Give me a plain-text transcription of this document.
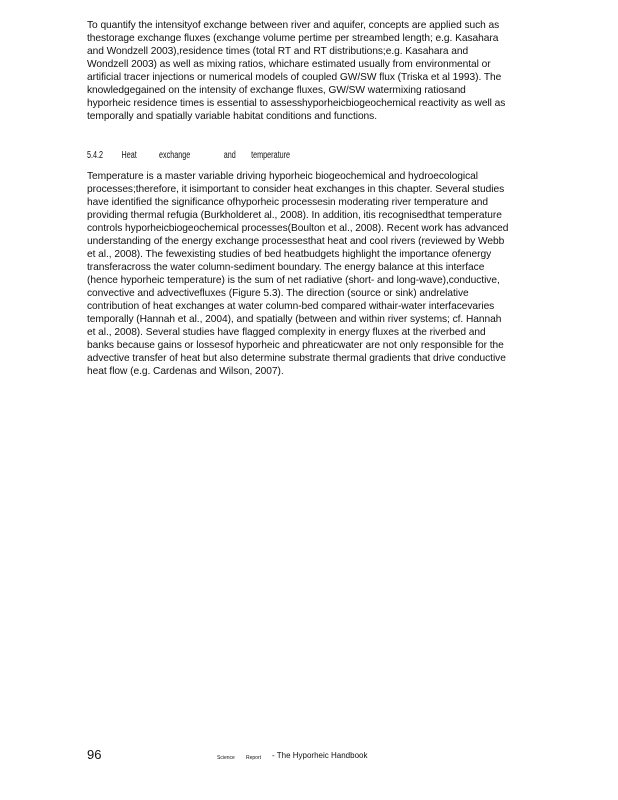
To quantify the intensityof exchange between river and aquifer, concepts are applied such as thestorage exchange fluxes (exchange volume pertime per streambed length; e.g. Kasahara and Wondzell 2003),residence times (total RT and RT distributions;e.g. Kasahara and Wondzell 2003) as well as mixing ratios, whichare estimated usually from environmental or artificial tracer injections or numerical models of coupled GW/SW flux (Triska et al 1993). The knowledgegained on the intensity of exchange fluxes, GW/SW watermixing ratiosand hyporheic residence times is essential to assesshyporheicbiogeochemical reactivity as well as temporally and spatially variable habitat conditions and functions.

5.4.2 Heat exchange	and temperature

Temperature is a master variable driving hyporheic biogeochemical and hydroecological processes;therefore, it isimportant to consider heat exchanges in this chapter. Several studies have identified the significance ofhyporheic processesin moderating river temperature and providing thermal refugia (Burkholderet al., 2008). In addition, itis recognisedthat temperature controls hyporheicbiogeochemical processes(Boulton et al., 2008). Recent work has advanced understanding of the energy exchange processesthat heat and cool rivers (reviewed by Webb et al., 2008). The fewexisting studies of bed heatbudgets highlight the importance ofenergy transferacross the water column-sediment boundary. The energy balance at this interface (hence hyporheic temperature) is the sum of net radiative (short- and long-wave),conductive, convective and advectivefluxes (Figure 5.3). The direction (source or sink) andrelative contribution of heat exchanges at water column-bed compared withair-water interfacevaries temporally (Hannah et al., 2004), and spatially (between and within river systems; cf. Hannah et al., 2008). Several studies have flagged complexity in energy fluxes at the riverbed and banks because gains or lossesof hyporheic and phreaticwater are not only responsible for the advective transfer of heat but also determine substrate thermal gradients that drive conductive heat flow (e.g. Cardenas and Wilson, 2007).

96	Science Report - The Hyporheic Handbook
